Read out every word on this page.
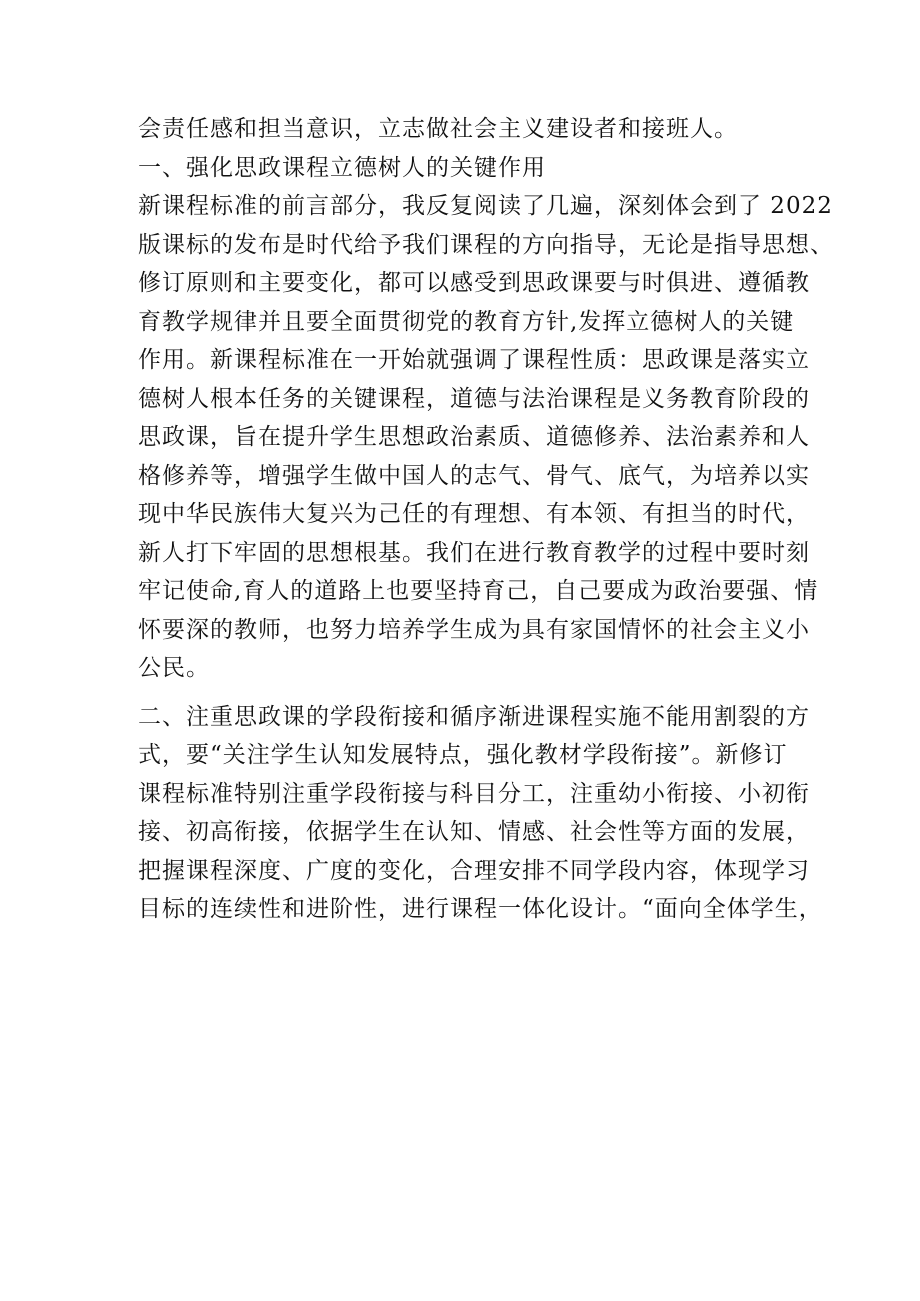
会责任感和担当意识，立志做社会主义建设者和接班人。
一、强化思政课程立德树人的关键作用
新课程标准的前言部分，我反复阅读了几遍，深刻体会到了 2022
版课标的发布是时代给予我们课程的方向指导，无论是指导思想、
修订原则和主要变化，都可以感受到思政课要与时俱进、遵循教
育教学规律并且要全面贯彻党的教育方针,发挥立德树人的关键
作用。新课程标准在一开始就强调了课程性质：思政课是落实立
德树人根本任务的关键课程，道德与法治课程是义务教育阶段的
思政课，旨在提升学生思想政治素质、道德修养、法治素养和人
格修养等，增强学生做中国人的志气、骨气、底气，为培养以实
现中华民族伟大复兴为己任的有理想、有本领、有担当的时代，
新人打下牢固的思想根基。我们在进行教育教学的过程中要时刻
牢记使命,育人的道路上也要坚持育己，自己要成为政治要强、情
怀要深的教师，也努力培养学生成为具有家国情怀的社会主义小
公民。
二、注重思政课的学段衔接和循序渐进课程实施不能用割裂的方
式，要“关注学生认知发展特点，强化教材学段衔接”。新修订
课程标准特别注重学段衔接与科目分工，注重幼小衔接、小初衔
接、初高衔接，依据学生在认知、情感、社会性等方面的发展，
把握课程深度、广度的变化，合理安排不同学段内容，体现学习
目标的连续性和进阶性，进行课程一体化设计。“面向全体学生，
